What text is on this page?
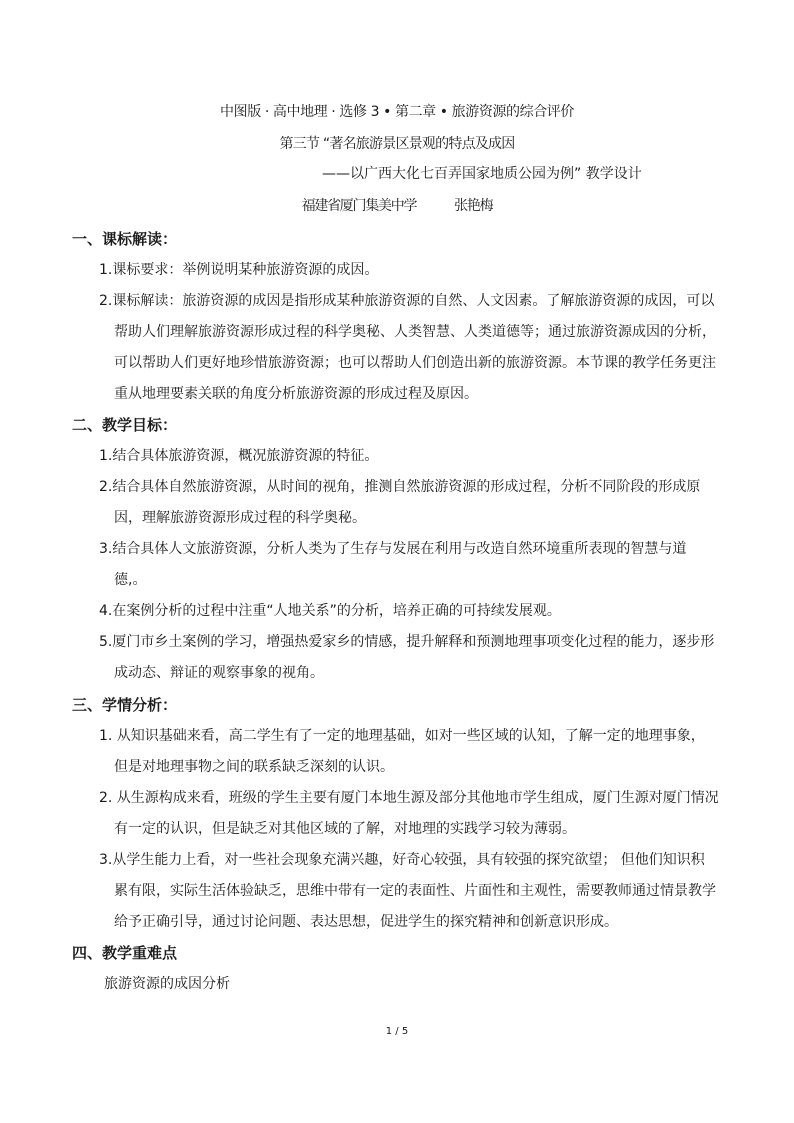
中图版 · 高中地理 · 选修 3 • 第二章 • 旅游资源的综合评价
第三节 “著名旅游景区景观的特点及成因
——以广西大化七百弄国家地质公园为例” 教学设计
福建省厦门集美中学	张艳梅
一、课标解读：
1.课标要求：举例说明某种旅游资源的成因。
2.课标解读：旅游资源的成因是指形成某种旅游资源的自然、人文因素。了解旅游资源的成因，可以
帮助人们理解旅游资源形成过程的科学奥秘、人类智慧、人类道德等；通过旅游资源成因的分析，
可以帮助人们更好地珍惜旅游资源；也可以帮助人们创造出新的旅游资源。本节课的教学任务更注
重从地理要素关联的角度分析旅游资源的形成过程及原因。
二、教学目标：
1.结合具体旅游资源，概况旅游资源的特征。
2.结合具体自然旅游资源，从时间的视角，推测自然旅游资源的形成过程，分析不同阶段的形成原
因，理解旅游资源形成过程的科学奥秘。
3.结合具体人文旅游资源，分析人类为了生存与发展在利用与改造自然环境重所表现的智慧与道
德,。
4.在案例分析的过程中注重“人地关系”的分析，培养正确的可持续发展观。
5.厦门市乡土案例的学习，增强热爱家乡的情感，提升解释和预测地理事项变化过程的能力，逐步形
成动态、辩证的观察事象的视角。
三、学情分析：
1. 从知识基础来看，高二学生有了一定的地理基础，如对一些区域的认知，了解一定的地理事象，
但是对地理事物之间的联系缺乏深刻的认识。
2. 从生源构成来看，班级的学生主要有厦门本地生源及部分其他地市学生组成，厦门生源对厦门情况
有一定的认识，但是缺乏对其他区域的了解，对地理的实践学习较为薄弱。
3.从学生能力上看，对一些社会现象充满兴趣，好奇心较强，具有较强的探究欲望； 但他们知识积
累有限，实际生活体验缺乏，思维中带有一定的表面性、片面性和主观性，需要教师通过情景教学
给予正确引导，通过讨论问题、表达思想，促进学生的探究精神和创新意识形成。
四、教学重难点
旅游资源的成因分析
1 / 5
